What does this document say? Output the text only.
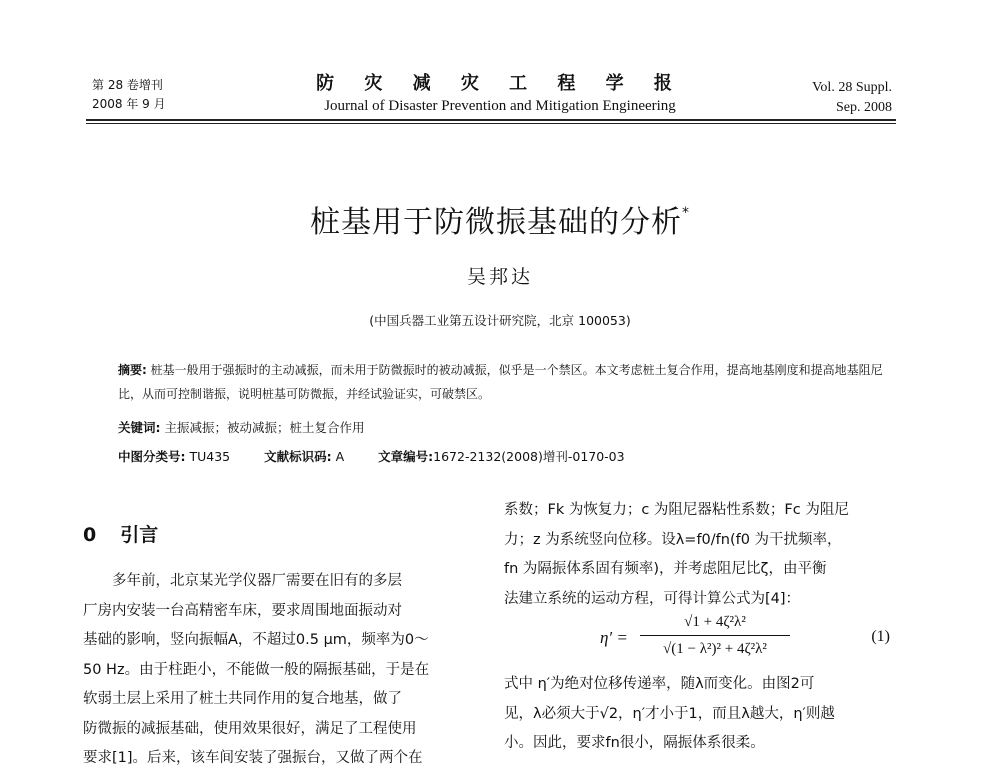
第 28 卷增刊
2008 年 9 月
防 灾 减 灾 工 程 学 报
Journal of Disaster Prevention and Mitigation Engineering
Vol. 28 Suppl.
Sep. 2008
桩基用于防微振基础的分析*
吴邦达
(中国兵器工业第五设计研究院，北京 100053)
摘要: 桩基一般用于强振时的主动减振，而未用于防微振时的被动减振，似乎是一个禁区。本文考虑桩土复合作用，提高地基刚度和提高地基阻尼比，从而可控制谐振，说明桩基可防微振，并经试验证实，可破禁区。
关键词: 主振减振；被动减振；桩土复合作用
中图分类号: TU435	文献标识码: A	文章编号:1672-2132(2008)增刊-0170-03
0 引言
多年前，北京某光学仪器厂需要在旧有的多层
厂房内安装一台高精密车床，要求周围地面振动对
基础的影响，竖向振幅A，不超过0.5 μm，频率为0～
50 Hz。由于柱距小，不能做一般的隔振基础，于是在
软弱土层上采用了桩土共同作用的复合地基，做了
防微振的减振基础，使用效果很好，满足了工程使用
要求[1]。后来，该车间安装了强振台，又做了两个在
系数；Fk 为恢复力；c 为阻尼器粘性系数；Fc 为阻尼
力；z 为系统竖向位移。设λ=f0/fn(f0 为干扰频率，
fn 为隔振体系固有频率)，并考虑阻尼比ζ，由平衡
法建立系统的运动方程，可得计算公式为[4]：
η′ =
√1 + 4ζ²λ²
√(1 − λ²)² + 4ζ²λ²
(1)
式中 η′为绝对位移传递率，随λ而变化。由图2可
见，λ必须大于√2，η′才小于1，而且λ越大，η′则越
小。因此，要求fn很小，隔振体系很柔。
